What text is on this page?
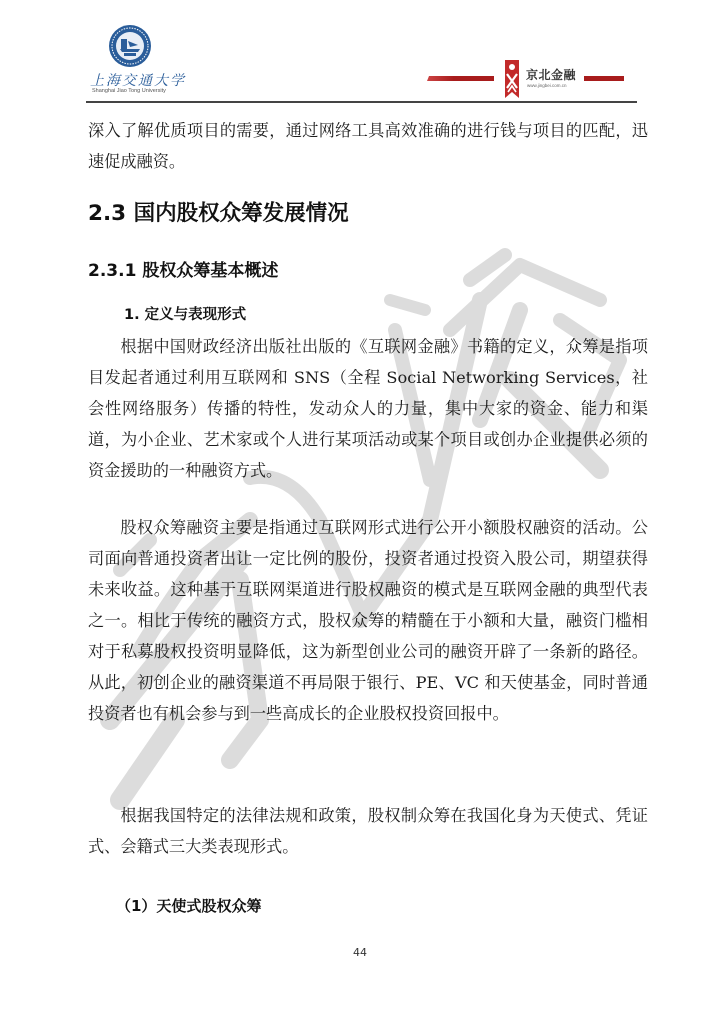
上海交通大学
Shanghai Jiao Tong University
京北金融
www.jingbei.com.cn

深入了解优质项目的需要，通过网络工具高效准确的进行钱与项目的匹配，迅速促成融资。

2.3 国内股权众筹发展情况
2.3.1 股权众筹基本概述
1. 定义与表现形式

根据中国财政经济出版社出版的《互联网金融》书籍的定义，众筹是指项目发起者通过利用互联网和 SNS（全程 Social Networking Services，社会性网络服务）传播的特性，发动众人的力量，集中大家的资金、能力和渠道，为小企业、艺术家或个人进行某项活动或某个项目或创办企业提供必须的资金援助的一种融资方式。

股权众筹融资主要是指通过互联网形式进行公开小额股权融资的活动。公司面向普通投资者出让一定比例的股份，投资者通过投资入股公司，期望获得未来收益。这种基于互联网渠道进行股权融资的模式是互联网金融的典型代表之一。相比于传统的融资方式，股权众筹的精髓在于小额和大量，融资门槛相对于私募股权投资明显降低，这为新型创业公司的融资开辟了一条新的路径。从此，初创企业的融资渠道不再局限于银行、PE、VC 和天使基金，同时普通投资者也有机会参与到一些高成长的企业股权投资回报中。

根据我国特定的法律法规和政策，股权制众筹在我国化身为天使式、凭证式、会籍式三大类表现形式。

（1）天使式股权众筹
44
